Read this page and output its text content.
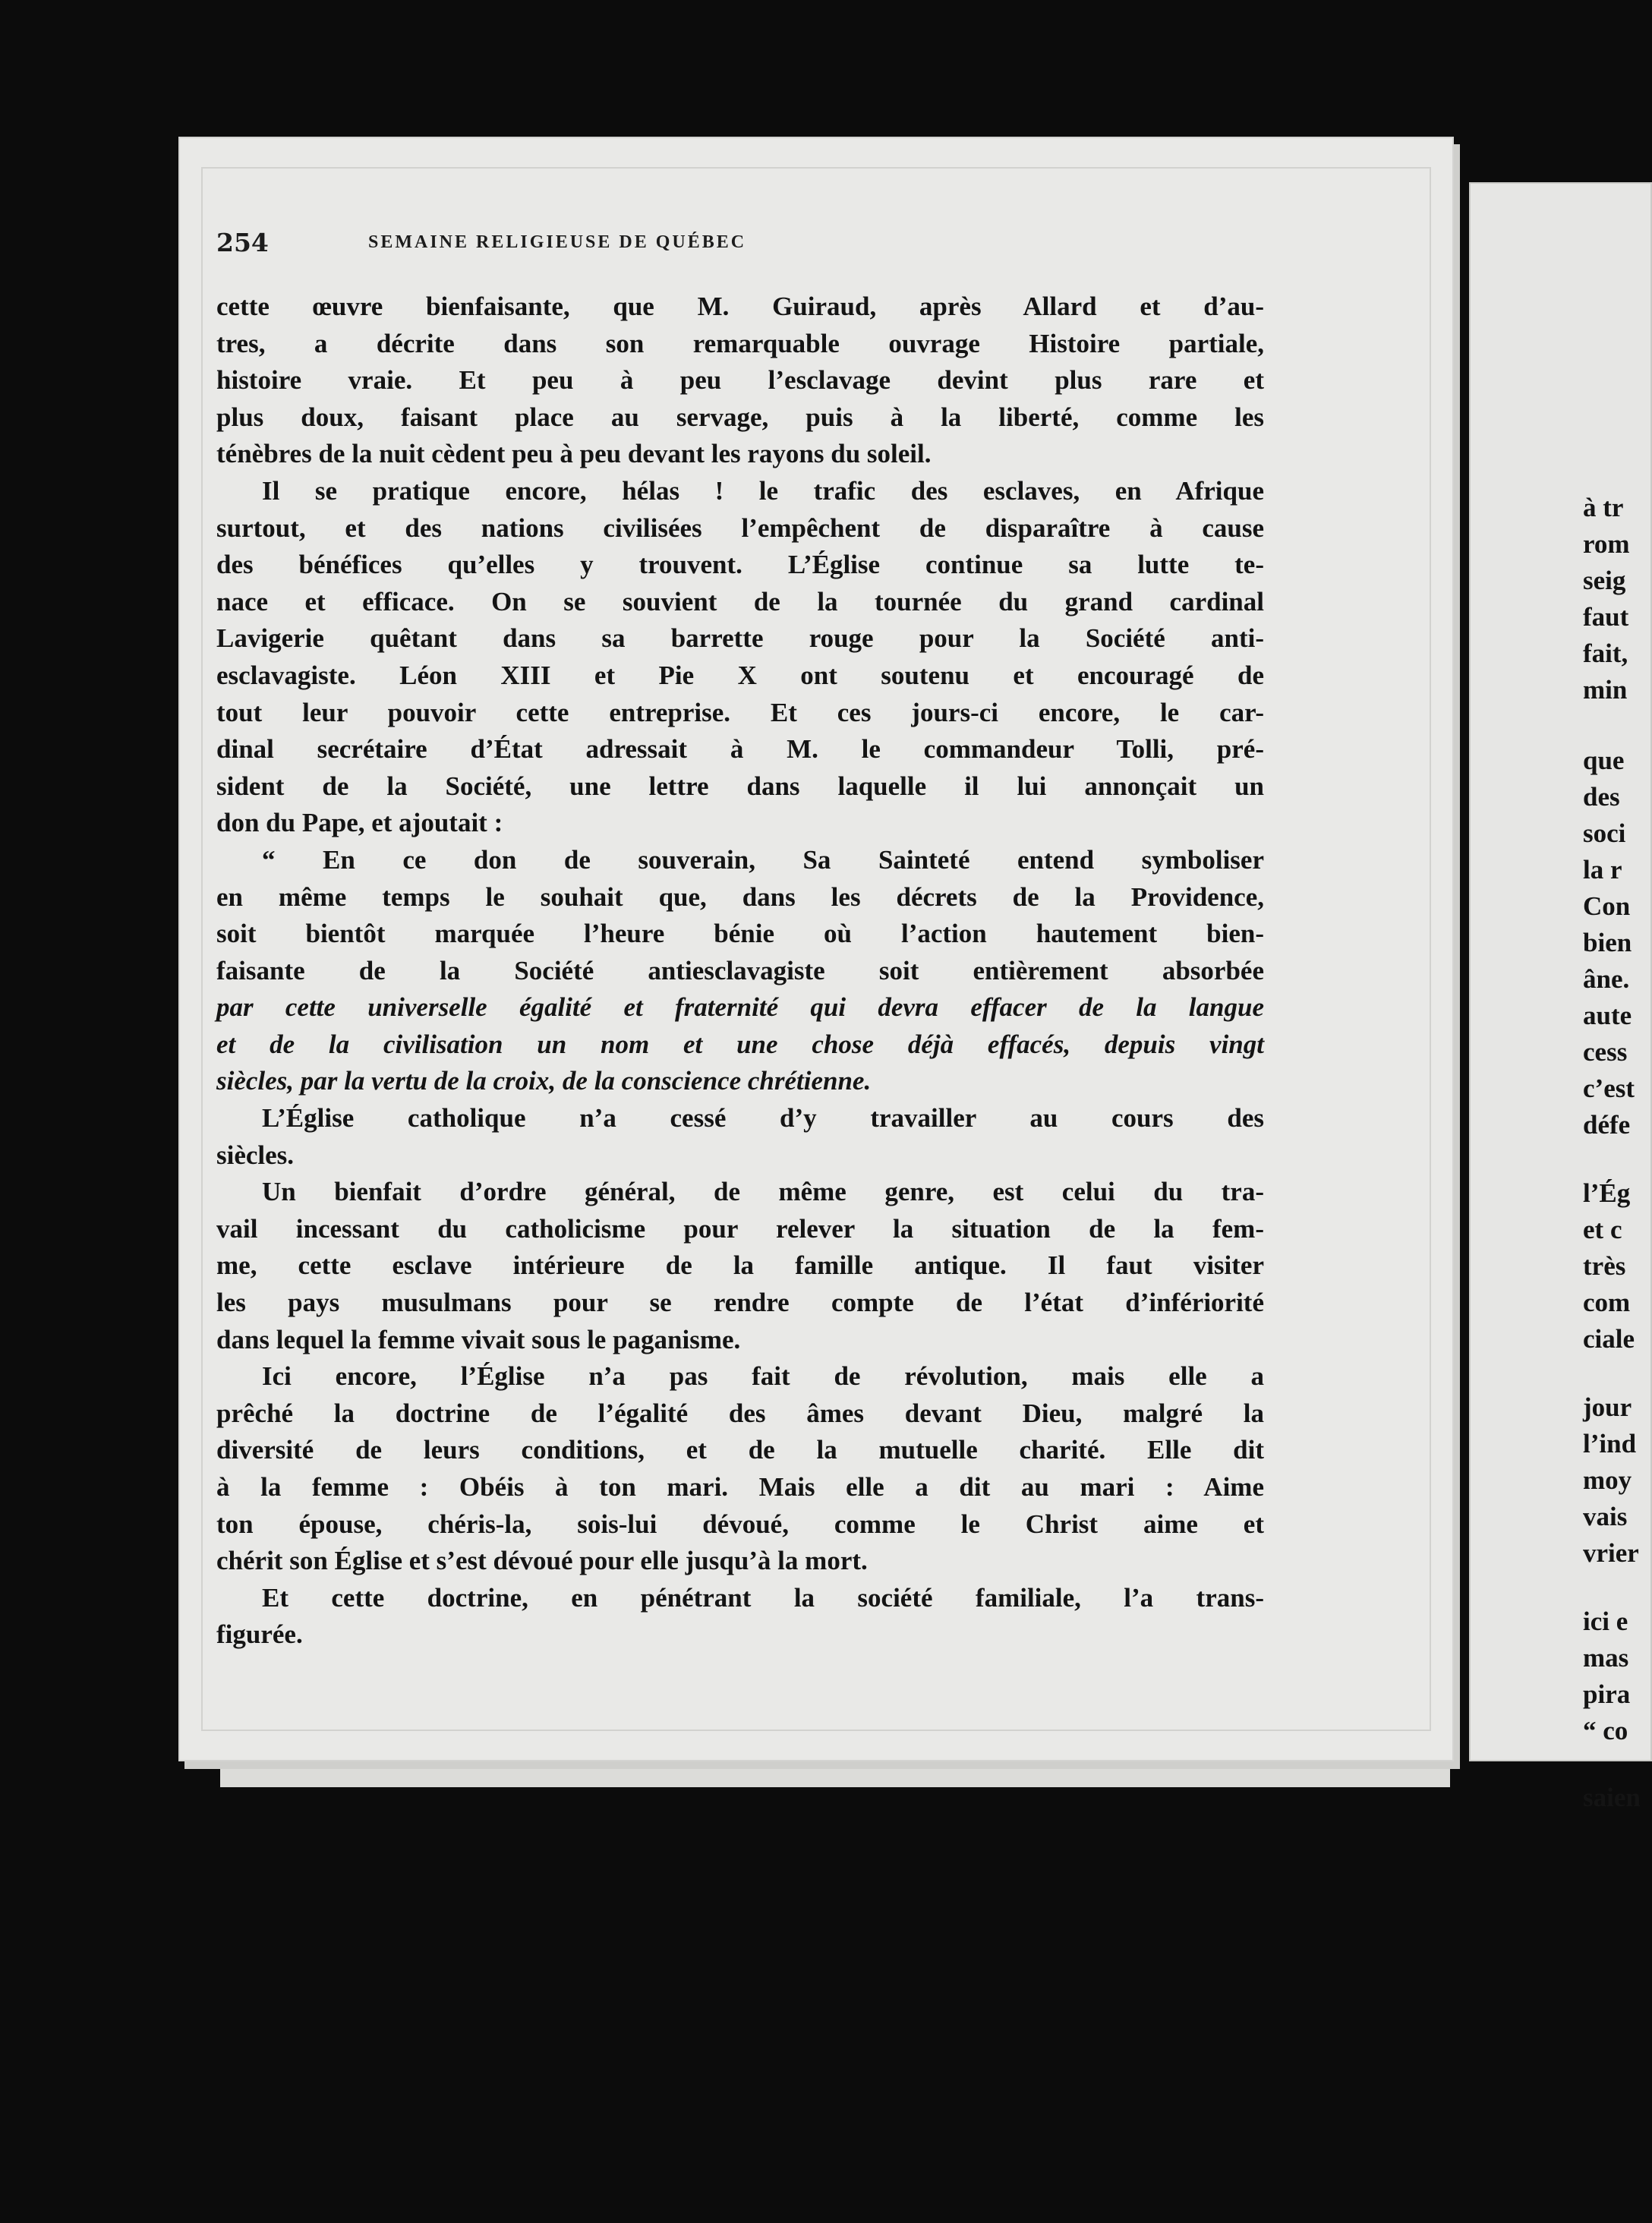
254	SEMAINE RELIGIEUSE DE QUÉBEC
cette œuvre bienfaisante, que M. Guiraud, après Allard et d’au-
tres, a décrite dans son remarquable ouvrage Histoire partiale,
histoire vraie. Et peu à peu l’esclavage devint plus rare et
plus doux, faisant place au servage, puis à la liberté, comme les
ténèbres de la nuit cèdent peu à peu devant les rayons du soleil.
Il se pratique encore, hélas ! le trafic des esclaves, en Afrique
surtout, et des nations civilisées l’empêchent de disparaître à cause
des bénéfices qu’elles y trouvent. L’Église continue sa lutte te-
nace et efficace. On se souvient de la tournée du grand cardinal
Lavigerie quêtant dans sa barrette rouge pour la Société anti-
esclavagiste. Léon XIII et Pie X ont soutenu et encouragé de
tout leur pouvoir cette entreprise. Et ces jours-ci encore, le car-
dinal secrétaire d’État adressait à M. le commandeur Tolli, pré-
sident de la Société, une lettre dans laquelle il lui annonçait un
don du Pape, et ajoutait :
“ En ce don de souverain, Sa Sainteté entend symboliser
en même temps le souhait que, dans les décrets de la Providence,
soit bientôt marquée l’heure bénie où l’action hautement bien-
faisante de la Société antiesclavagiste soit entièrement absorbée
par cette universelle égalité et fraternité qui devra effacer de la langue
et de la civilisation un nom et une chose déjà effacés, depuis vingt
siècles, par la vertu de la croix, de la conscience chrétienne.
L’Église catholique n’a cessé d’y travailler au cours des
siècles.
Un bienfait d’ordre général, de même genre, est celui du tra-
vail incessant du catholicisme pour relever la situation de la fem-
me, cette esclave intérieure de la famille antique. Il faut visiter
les pays musulmans pour se rendre compte de l’état d’infériorité
dans lequel la femme vivait sous le paganisme.
Ici encore, l’Église n’a pas fait de révolution, mais elle a
prêché la doctrine de l’égalité des âmes devant Dieu, malgré la
diversité de leurs conditions, et de la mutuelle charité. Elle dit
à la femme : Obéis à ton mari. Mais elle a dit au mari : Aime
ton épouse, chéris-la, sois-lui dévoué, comme le Christ aime et
chérit son Église et s’est dévoué pour elle jusqu’à la mort.
Et cette doctrine, en pénétrant la société familiale, l’a trans-
figurée.
à tr
rom
seig
faut
fait,
min
que
des
soci
la r
Con
bien
âne.
aute
cess
c’est
défe
l’Ég
et c
très
com
ciale
jour
l’ind
moy
vais
vrier
ici e
mas
pira
“ co
saien
